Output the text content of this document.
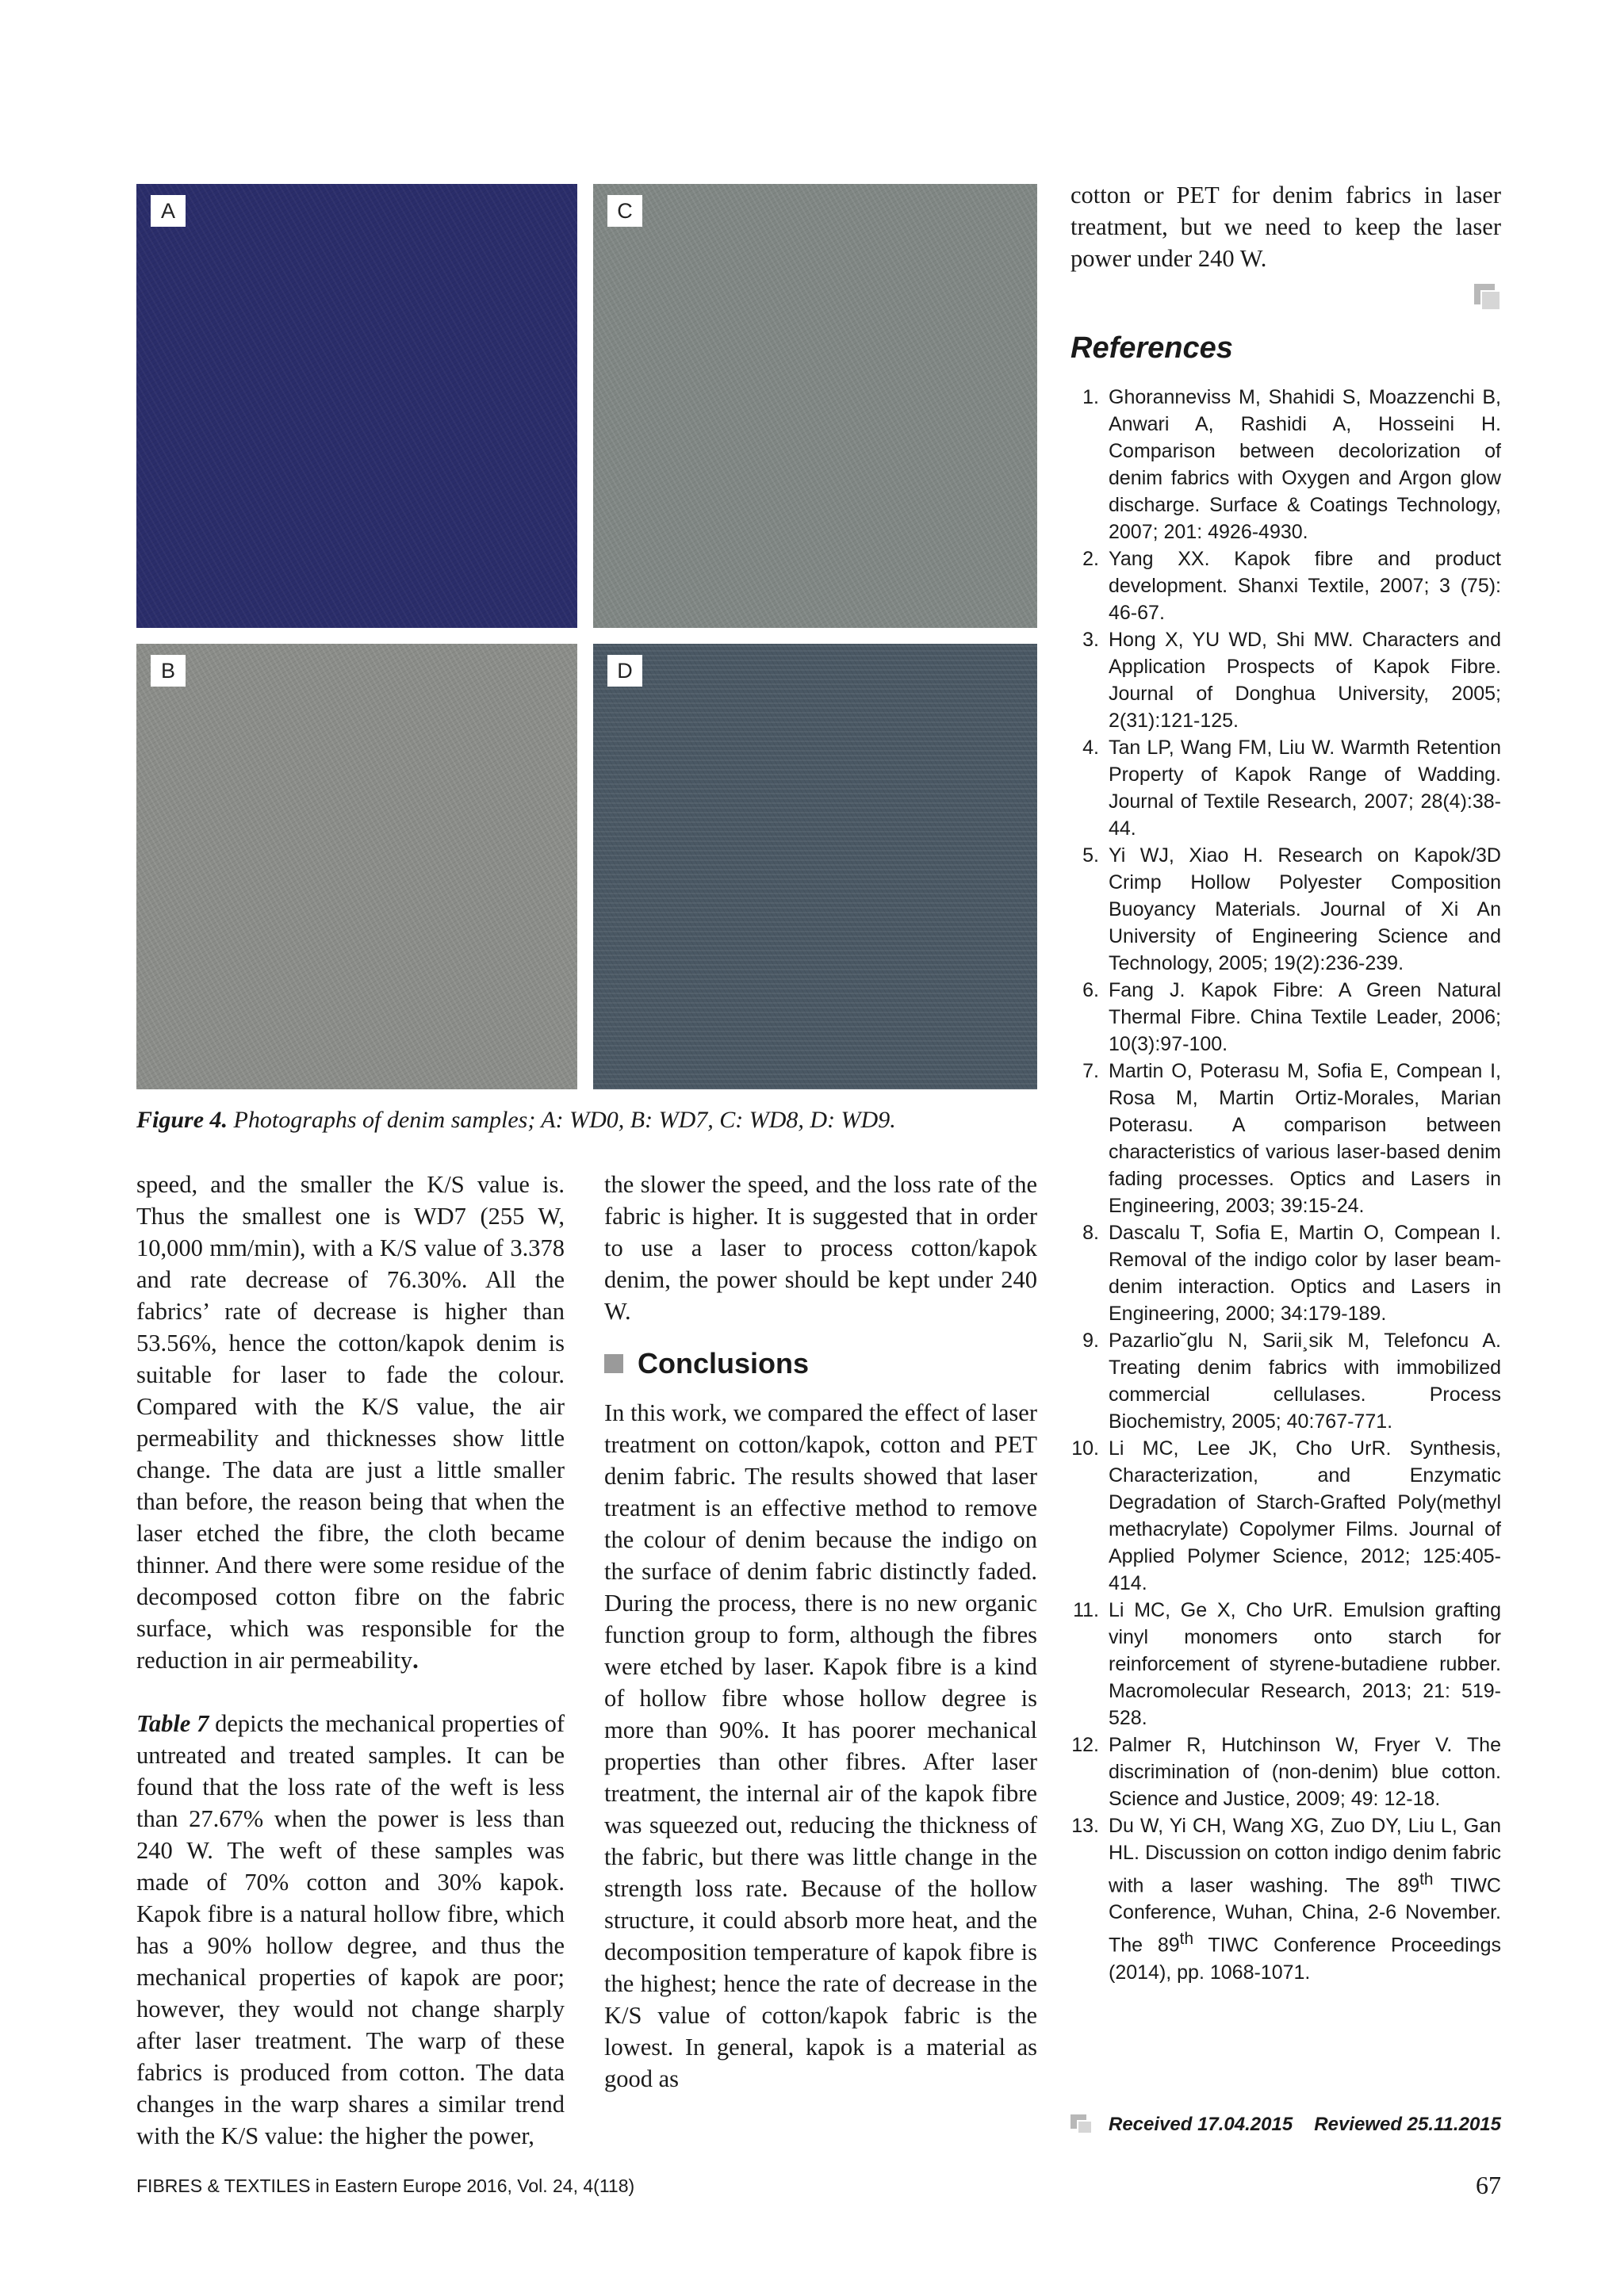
A	C
B	D
Figure 4. Photographs of denim samples; A: WD0, B: WD7, C: WD8, D: WD9.

speed, and the smaller the K/S value is. Thus the smallest one is WD7 (255 W, 10,000 mm/min), with a K/S value of 3.378 and rate decrease of 76.30%. All the fabrics’ rate of decrease is higher than 53.56%, hence the cotton/kapok denim is suitable for laser to fade the colour. Compared with the K/S value, the air permeability and thicknesses show little change. The data are just a little smaller than before, the reason being that when the laser etched the fibre, the cloth became thinner. And there were some residue of the decomposed cotton fibre on the fabric surface, which was responsible for the reduction in air permeability.

Table 7 depicts the mechanical properties of untreated and treated samples. It can be found that the loss rate of the weft is less than 27.67% when the power is less than 240 W. The weft of these samples was made of 70% cotton and 30% kapok. Kapok fibre is a natural hollow fibre, which has a 90% hollow degree, and thus the mechanical properties of kapok are poor; however, they would not change sharply after laser treatment. The warp of these fabrics is produced from cotton. The data changes in the warp shares a similar trend with the K/S value: the higher the power,

the slower the speed, and the loss rate of the fabric is higher. It is suggested that in order to use a laser to process cotton/kapok denim, the power should be kept under 240 W.

Conclusions

In this work, we compared the effect of laser treatment on cotton/kapok, cotton and PET denim fabric. The results showed that laser treatment is an effective method to remove the colour of denim because the indigo on the surface of denim fabric distinctly faded. During the process, there is no new organic function group to form, although the fibres were etched by laser. Kapok fibre is a kind of hollow fibre whose hollow degree is more than 90%. It has poorer mechanical properties than other fibres. After laser treatment, the internal air of the kapok fibre was squeezed out, reducing the thickness of the fabric, but there was little change in the strength loss rate. Because of the hollow structure, it could absorb more heat, and the decomposition temperature of kapok fibre is the highest; hence the rate of decrease in the K/S value of cotton/kapok fabric is the lowest. In general, kapok is a material as good as

cotton or PET for denim fabrics in laser treatment, but we need to keep the laser power under 240 W.

References
1. Ghoranneviss M, Shahidi S, Moazzenchi B, Anwari A, Rashidi A, Hosseini H. Comparison between decolorization of denim fabrics with Oxygen and Argon glow discharge. Surface & Coatings Technology, 2007; 201: 4926-4930.
2. Yang XX. Kapok fibre and product development. Shanxi Textile, 2007; 3 (75): 46-67.
3. Hong X, YU WD, Shi MW. Characters and Application Prospects of Kapok Fibre. Journal of Donghua University, 2005; 2(31):121-125.
4. Tan LP, Wang FM, Liu W. Warmth Retention Property of Kapok Range of Wadding. Journal of Textile Research, 2007; 28(4):38-44.
5. Yi WJ, Xiao H. Research on Kapok/3D Crimp Hollow Polyester Composition Buoyancy Materials. Journal of Xi An University of Engineering Science and Technology, 2005; 19(2):236-239.
6. Fang J. Kapok Fibre: A Green Natural Thermal Fibre. China Textile Leader, 2006; 10(3):97-100.
7. Martin O, Poterasu M, Sofia E, Compean I, Rosa M, Martin Ortiz-Morales, Marian Poterasu. A comparison between characteristics of various laser-based denim fading processes. Optics and Lasers in Engineering, 2003; 39:15-24.
8. Dascalu T, Sofia E, Martin O, Compean I. Removal of the indigo color by laser beam-denim interaction. Optics and Lasers in Engineering, 2000; 34:179-189.
9. Pazarlio˘glu N, Sarii¸sik M, Telefoncu A. Treating denim fabrics with immobilized commercial cellulases. Process Biochemistry, 2005; 40:767-771.
10. Li MC, Lee JK, Cho UrR. Synthesis, Characterization, and Enzymatic Degradation of Starch-Grafted Poly(methyl methacrylate) Copolymer Films. Journal of Applied Polymer Science, 2012; 125:405-414.
11. Li MC, Ge X, Cho UrR. Emulsion grafting vinyl monomers onto starch for reinforcement of styrene-butadiene rubber. Macromolecular Research, 2013; 21: 519-528.
12. Palmer R, Hutchinson W, Fryer V. The discrimination of (non-denim) blue cotton. Science and Justice, 2009; 49: 12-18.
13. Du W, Yi CH, Wang XG, Zuo DY, Liu L, Gan HL. Discussion on cotton indigo denim fabric with a laser washing. The 89th TIWC Conference, Wuhan, China, 2-6 November. The 89th TIWC Conference Proceedings (2014), pp. 1068-1071.
Received 17.04.2015 Reviewed 25.11.2015
FIBRES & TEXTILES in Eastern Europe 2016, Vol. 24, 4(118)	67
